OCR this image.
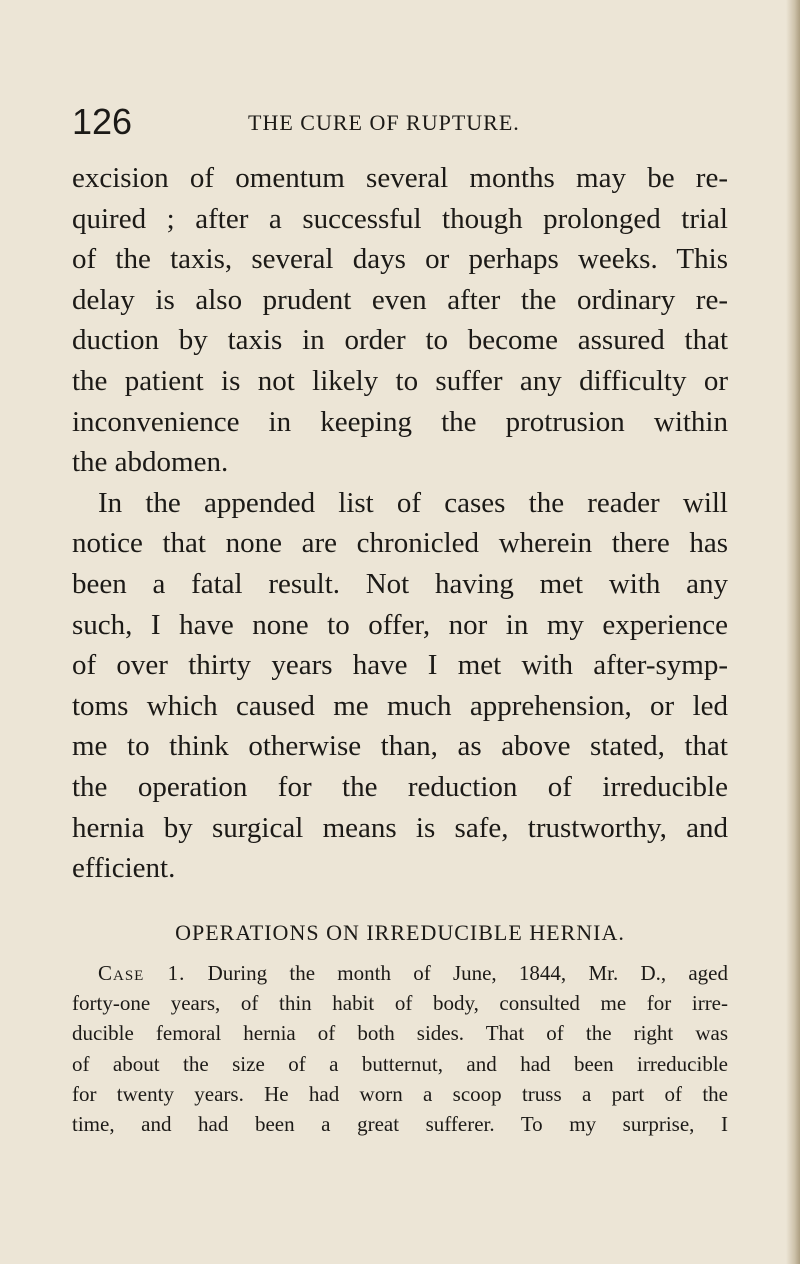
126	THE CURE OF RUPTURE.
excision of omentum several months may be re-
quired ; after a successful though prolonged trial
of the taxis, several days or perhaps weeks. This
delay is also prudent even after the ordinary re-
duction by taxis in order to become assured that
the patient is not likely to suffer any difficulty or
inconvenience in keeping the protrusion within
the abdomen.
In the appended list of cases the reader will
notice that none are chronicled wherein there has
been a fatal result. Not having met with any
such, I have none to offer, nor in my experience
of over thirty years have I met with after-symp-
toms which caused me much apprehension, or led
me to think otherwise than, as above stated, that
the operation for the reduction of irreducible
hernia by surgical means is safe, trustworthy, and
efficient.
OPERATIONS ON IRREDUCIBLE HERNIA.
Case 1. During the month of June, 1844, Mr. D., aged
forty-one years, of thin habit of body, consulted me for irre-
ducible femoral hernia of both sides. That of the right was
of about the size of a butternut, and had been irreducible
for twenty years. He had worn a scoop truss a part of the
time, and had been a great sufferer. To my surprise, I
